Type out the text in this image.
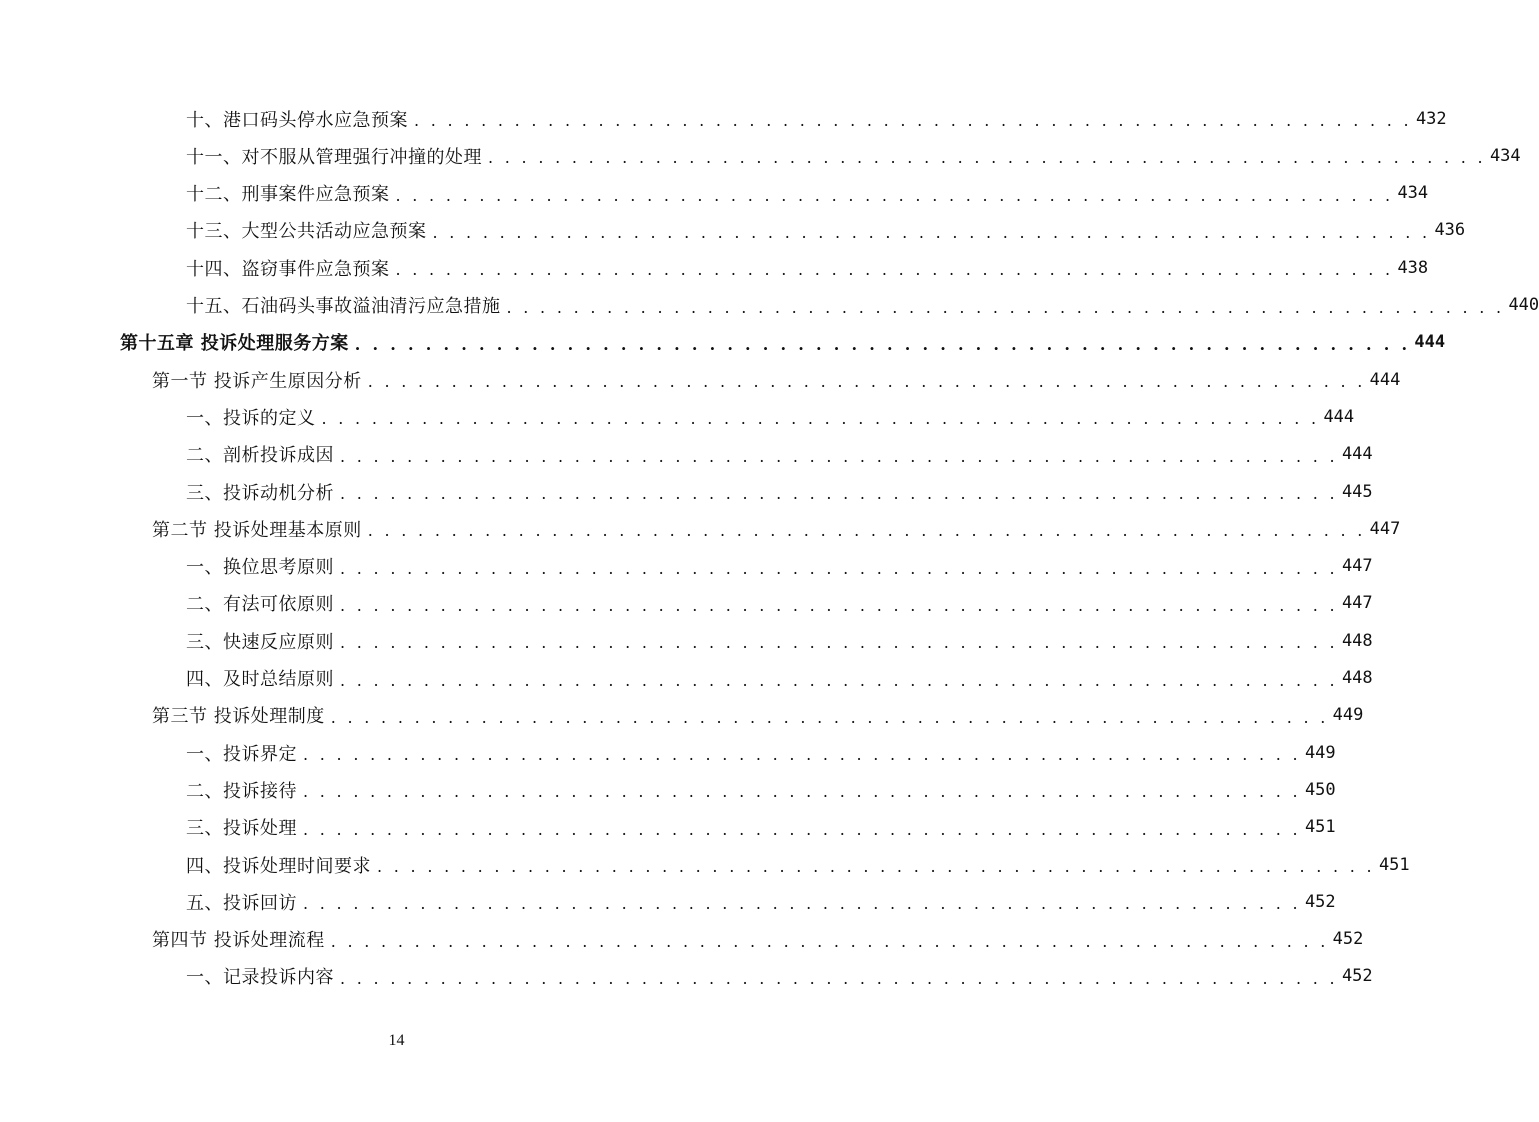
十、港口码头停水应急预案 . . . . . . . . . . . . . . . . . . . . . . . . . . . . . . . . . . . . . . . . . . . . . . . . . . . . . . . . . . . . 432
十一、对不服从管理强行冲撞的处理 . . . . . . . . . . . . . . . . . . . . . . . . . . . . . . . . . . . . . . . . . . . . . . . . . . . . . . . . . . . . 434
十二、刑事案件应急预案 . . . . . . . . . . . . . . . . . . . . . . . . . . . . . . . . . . . . . . . . . . . . . . . . . . . . . . . . . . . . 434
十三、大型公共活动应急预案 . . . . . . . . . . . . . . . . . . . . . . . . . . . . . . . . . . . . . . . . . . . . . . . . . . . . . . . . . . . . 436
十四、盗窃事件应急预案 . . . . . . . . . . . . . . . . . . . . . . . . . . . . . . . . . . . . . . . . . . . . . . . . . . . . . . . . . . . . 438
十五、石油码头事故溢油清污应急措施 . . . . . . . . . . . . . . . . . . . . . . . . . . . . . . . . . . . . . . . . . . . . . . . . . . . . . . . . . . . . 440
第十五章 投诉处理服务方案 . . . . . . . . . . . . . . . . . . . . . . . . . . . . . . . . . . . . . . . . . . . . . . . . . . . . . . . . . . . . 444
第一节 投诉产生原因分析 . . . . . . . . . . . . . . . . . . . . . . . . . . . . . . . . . . . . . . . . . . . . . . . . . . . . . . . . . . . . 444
一、投诉的定义 . . . . . . . . . . . . . . . . . . . . . . . . . . . . . . . . . . . . . . . . . . . . . . . . . . . . . . . . . . . . 444
二、剖析投诉成因 . . . . . . . . . . . . . . . . . . . . . . . . . . . . . . . . . . . . . . . . . . . . . . . . . . . . . . . . . . . . 444
三、投诉动机分析 . . . . . . . . . . . . . . . . . . . . . . . . . . . . . . . . . . . . . . . . . . . . . . . . . . . . . . . . . . . . 445
第二节 投诉处理基本原则 . . . . . . . . . . . . . . . . . . . . . . . . . . . . . . . . . . . . . . . . . . . . . . . . . . . . . . . . . . . . 447
一、换位思考原则 . . . . . . . . . . . . . . . . . . . . . . . . . . . . . . . . . . . . . . . . . . . . . . . . . . . . . . . . . . . . 447
二、有法可依原则 . . . . . . . . . . . . . . . . . . . . . . . . . . . . . . . . . . . . . . . . . . . . . . . . . . . . . . . . . . . . 447
三、快速反应原则 . . . . . . . . . . . . . . . . . . . . . . . . . . . . . . . . . . . . . . . . . . . . . . . . . . . . . . . . . . . . 448
四、及时总结原则 . . . . . . . . . . . . . . . . . . . . . . . . . . . . . . . . . . . . . . . . . . . . . . . . . . . . . . . . . . . . 448
第三节 投诉处理制度 . . . . . . . . . . . . . . . . . . . . . . . . . . . . . . . . . . . . . . . . . . . . . . . . . . . . . . . . . . . . 449
一、投诉界定 . . . . . . . . . . . . . . . . . . . . . . . . . . . . . . . . . . . . . . . . . . . . . . . . . . . . . . . . . . . . 449
二、投诉接待 . . . . . . . . . . . . . . . . . . . . . . . . . . . . . . . . . . . . . . . . . . . . . . . . . . . . . . . . . . . . 450
三、投诉处理 . . . . . . . . . . . . . . . . . . . . . . . . . . . . . . . . . . . . . . . . . . . . . . . . . . . . . . . . . . . . 451
四、投诉处理时间要求 . . . . . . . . . . . . . . . . . . . . . . . . . . . . . . . . . . . . . . . . . . . . . . . . . . . . . . . . . . . . 451
五、投诉回访 . . . . . . . . . . . . . . . . . . . . . . . . . . . . . . . . . . . . . . . . . . . . . . . . . . . . . . . . . . . . 452
第四节 投诉处理流程 . . . . . . . . . . . . . . . . . . . . . . . . . . . . . . . . . . . . . . . . . . . . . . . . . . . . . . . . . . . . 452
一、记录投诉内容 . . . . . . . . . . . . . . . . . . . . . . . . . . . . . . . . . . . . . . . . . . . . . . . . . . . . . . . . . . . . 452
14
